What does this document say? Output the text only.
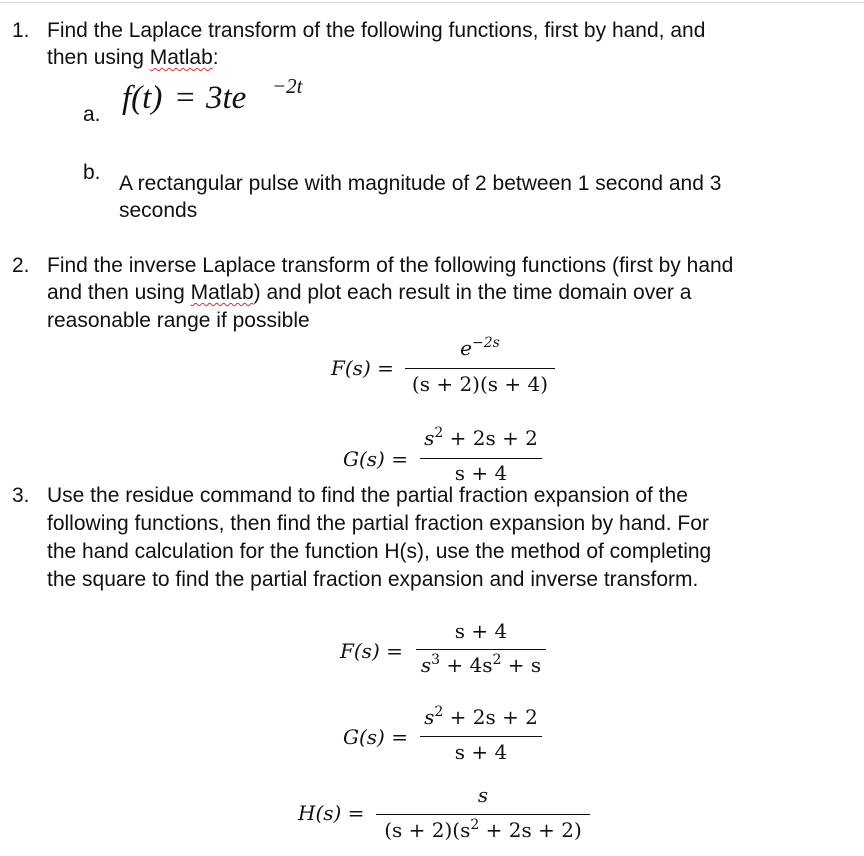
1. Find the Laplace transform of the following functions, first by hand, and
then using Matlab:
a. f(t) = 3te −2t
b. A rectangular pulse with magnitude of 2 between 1 second and 3
seconds
2. Find the inverse Laplace transform of the following functions (first by hand
and then using Matlab) and plot each result in the time domain over a
reasonable range if possible
F(s) =
$e^{-2s}$
(s + 2)(s + 4)
G(s) =
$s^2 + 2s + 2$
s + 4
3. Use the residue command to find the partial fraction expansion of the
following functions, then find the partial fraction expansion by hand. For
the hand calculation for the function H(s), use the method of completing
the square to find the partial fraction expansion and inverse transform.
F(s) =
s + 4
$s^3 + 4s^2 + s$
G(s) =
$s^2 + 2s + 2$
s + 4
H(s) =
s
$(s + 2)(s^2 + 2s + 2)$
